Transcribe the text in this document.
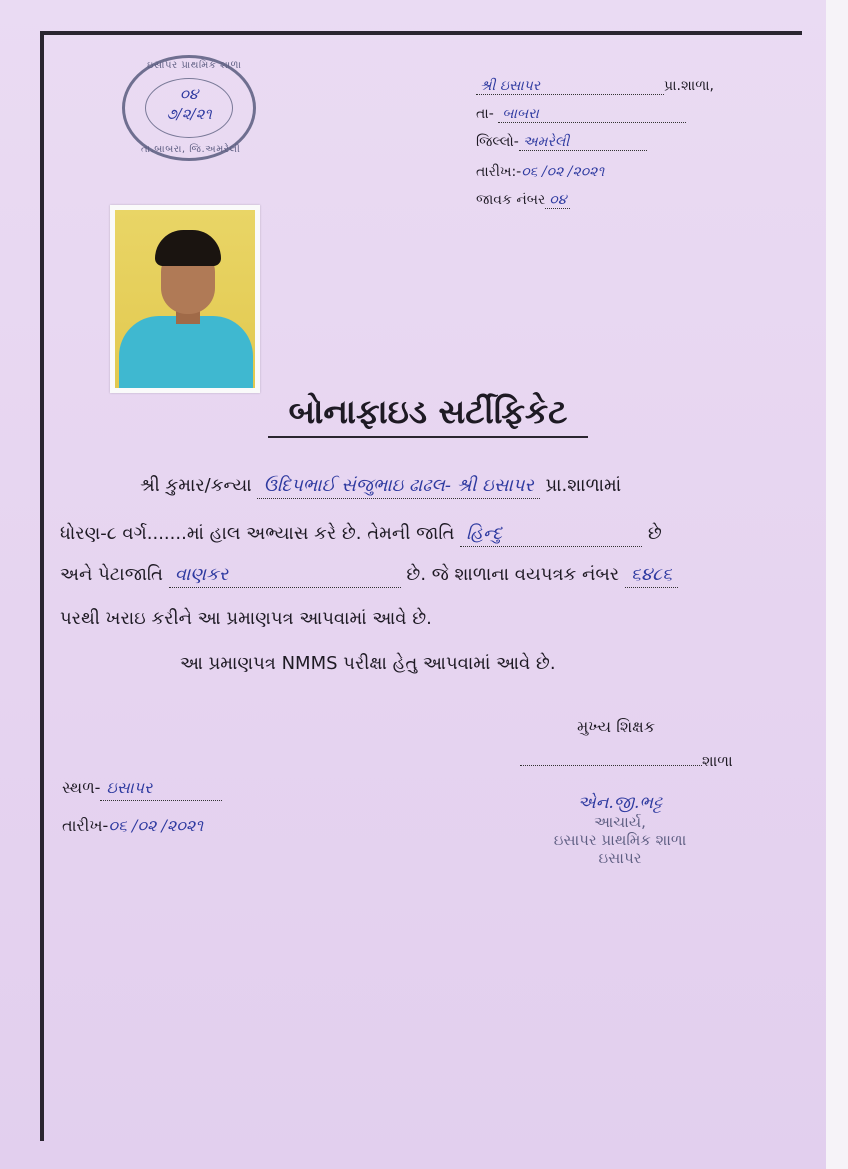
ઇસાપર પ્રાથમિક શાળા
૦૪
૭/૨/૨૧
તા.બાબરા, જિ.અમરેલી
શ્રી ઇસાપર	પ્રા.શાળા,
તા- બાબરા
જિલ્લો- અમરેલી
તારીખ:-૦૬ /૦૨ /૨૦૨૧
જાવક નંબર ૦૪
બોનાફાઇડ સર્ટીફિકેટ
શ્રી કુમાર/કન્યા ઉદિપભાઈ સંજુભાઇ ઢાઢલ- શ્રી ઇસાપર પ્રા.શાળામાં
ધોરણ-૮ વર્ગ.......માં હાલ અભ્યાસ કરે છે. તેમની જાતિ હિન્દુ	છે
અને પેટાજાતિ વાણકર	છે. જે શાળાના વયપત્રક નંબર ૬૪૮૬
પરથી ખરાઇ કરીને આ પ્રમાણપત્ર આપવામાં આવે છે.
આ પ્રમાણપત્ર NMMS પરીક્ષા હેતુ આપવામાં આવે છે.
મુખ્ય શિક્ષક
શાળા
એન.જી.ભટ્ટ
આચાર્ય,
ઇસાપર પ્રાથમિક શાળા
ઇસાપર
સ્થળ- ઇસાપર
તારીખ-૦૬ /૦૨ /૨૦૨૧
